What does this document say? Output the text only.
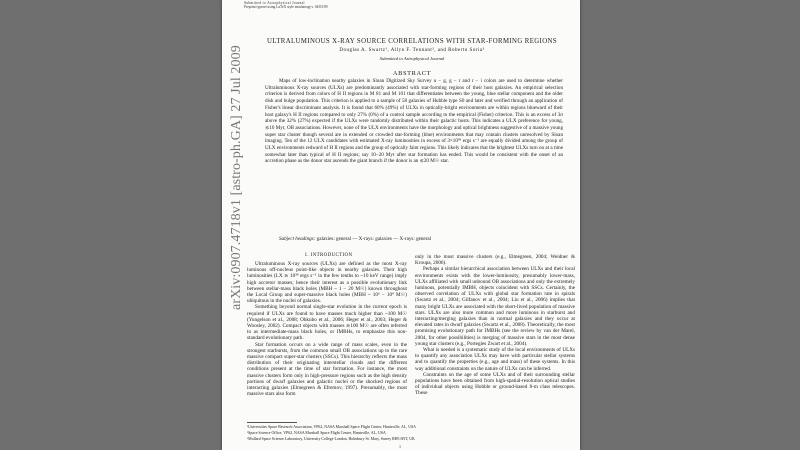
Submitted to Astrophysical Journal
Preprint typeset using LaTeX style emulateapj v. 04/03/99
arXiv:0907.4718v1 [astro-ph.GA] 27 Jul 2009
ULTRALUMINOUS X-RAY SOURCE CORRELATIONS WITH STAR-FORMING REGIONS
Douglas A. Swartz¹, Allyn F. Tennant², and Roberto Soria³
Submitted to Astrophysical Journal
ABSTRACT

Maps of low-inclination nearby galaxies in Sloan Digitized Sky Survey u − g, g − r and r − i colors are used to determine whether Ultraluminous X-ray sources (ULXs) are predominantly associated with star-forming regions of their host galaxies. An empirical selection criterion is derived from colors of H II regions in M 81 and M 101 that differentiates between the young, blue stellar component and the older disk and bulge population. This criterion is applied to a sample of 58 galaxies of Hubble type S0 and later and verified through an application of Fisher's linear discriminant analysis. It is found that 60% (49%) of ULXs in optically-bright environments are within regions blueward of their host galaxy's H II regions compared to only 27% (0%) of a control sample according to the empirical (Fisher) criterion. This is an excess of 3σ above the 32% (27%) expected if the ULXs were randomly distributed within their galactic hosts. This indicates a ULX preference for young, ≲10 Myr, OB associations. However, none of the ULX environments have the morphology and optical brightness suggestive of a massive young super star cluster though several are in extended or crowded star-forming (blue) environments that may contain clusters unresolved by Sloan imaging. Ten of the 12 ULX candidates with estimated X-ray luminosities in excess of 3×10³⁹ ergs s⁻¹ are equally divided among the group of ULX environments redward of H II regions and the group of optically faint regions. This likely indicates that the brightest ULXs turn on at a time somewhat later than typical of H II regions; say 10−20 Myr after star formation has ended. This would be consistent with the onset of an accretion phase as the donor star ascends the giant branch if the donor is an ≲20 M☉ star.

Subject headings: galaxies: general — X-rays: galaxies — X-rays: general

1. INTRODUCTION

Ultraluminous X-ray sources (ULXs) are defined as the most X-ray luminous off-nucleus point-like objects in nearby galaxies. Their high luminosities (LX ≳ 10³⁹ ergs s⁻¹ in the few tenths to ~10 keV range) imply high accretor masses; hence their interest as a possible evolutionary link between stellar-mass black holes (MBH ~ 1 − 20 M☉) known throughout the Local Group and super-massive black holes (MBH ~ 10⁶ − 10⁹ M☉) ubiquitous in the nuclei of galaxies.

Something beyond normal single-star evolution in the current epoch is required if ULXs are found to have masses much higher than ~100 M☉ (Yungelson et al., 2008; Ohkubo et al., 2006; Heger et al., 2003; Heger & Woosley, 2002). Compact objects with masses ≳100 M☉ are often referred to as intermediate-mass black holes, or IMBHs, to emphasize this non-standard evolutionary path.

Star formation occurs on a wide range of mass scales, even in the strongest starbursts, from the common small OB associations up to the rare massive compact super-star clusters (SSCs). This hierarchy reflects the mass distribution of their originating interstellar clouds and the different conditions present at the time of star formation. For instance, the most massive clusters form only in high-pressure regions such as the high density portions of dwarf galaxies and galactic nuclei or the shocked regions of interacting galaxies (Elmegreen & Efremov, 1997). Presumably, the most massive stars also form

only in the most massive clusters (e.g., Elmegreen, 2004; Weidner & Kroupa, 2006).

Perhaps a similar hierarchical association between ULXs and their local environments exists with the lower-luminosity, presumably lower-mass, ULXs affiliated with small unbound OB associations and only the extremely luminous, potentially IMBH, objects coincident with SSCs. Certainly, the observed correlation of ULXs with global star formation rate in spirals (Swartz et al., 2004; Gilfanov et al., 2004; Liu et al., 2006) implies that many bright ULXs are associated with the short-lived population of massive stars. ULXs are also more common and more luminous in starburst and interacting/merging galaxies than in normal galaxies and they occur at elevated rates in dwarf galaxies (Swartz et al., 2008). Theoretically, the most promising evolutionary path for IMBHs (see the review by van der Marel, 2004, for other possibilities) is merging of massive stars in the most dense young star clusters (e.g., Portegies Zwart et al., 2004).

What is needed is a systematic study of the local environments of ULXs to quantify any association ULXs may have with particular stellar systems and to quantify the properties (e.g., age and mass) of these systems. In this way additional constraints on the nature of ULXs can be inferred.

Constraints on the age of some ULXs and of their surrounding stellar populations have been obtained from high-spatial-resolution optical studies of individual objects using Hubble or ground-based 8-m class telescopes. These

¹Universities Space Research Association, VP62, NASA Marshall Space Flight Center, Huntsville, AL, USA
²Space Science Office, VP62, NASA Marshall Space Flight Center, Huntsville, AL, USA
³Mullard Space Science Laboratory, University College London, Holmbury St. Mary, Surrey RH5 6NT, UK
1
